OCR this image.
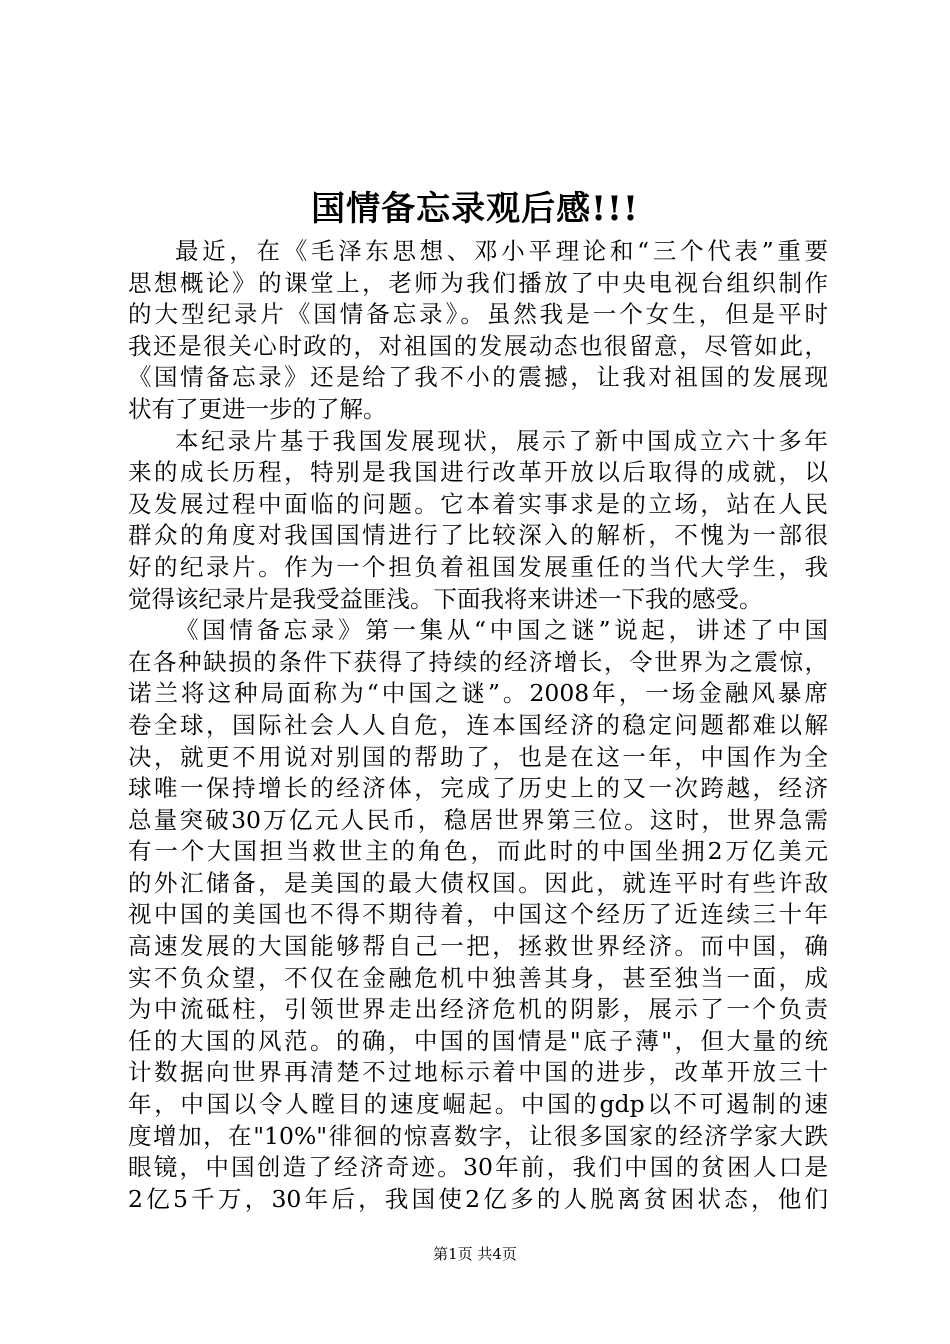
国情备忘录观后感!!!
最近，在《毛泽东思想、邓小平理论和“三个代表”重要
思想概论》的课堂上，老师为我们播放了中央电视台组织制作
的大型纪录片《国情备忘录》。虽然我是一个女生，但是平时
我还是很关心时政的，对祖国的发展动态也很留意，尽管如此，
《国情备忘录》还是给了我不小的震撼，让我对祖国的发展现
状有了更进一步的了解。
本纪录片基于我国发展现状，展示了新中国成立六十多年
来的成长历程，特别是我国进行改革开放以后取得的成就，以
及发展过程中面临的问题。它本着实事求是的立场，站在人民
群众的角度对我国国情进行了比较深入的解析，不愧为一部很
好的纪录片。作为一个担负着祖国发展重任的当代大学生，我
觉得该纪录片是我受益匪浅。下面我将来讲述一下我的感受。
《国情备忘录》第一集从“中国之谜”说起，讲述了中国
在各种缺损的条件下获得了持续的经济增长，令世界为之震惊，
诺兰将这种局面称为“中国之谜”。2008年，一场金融风暴席
卷全球，国际社会人人自危，连本国经济的稳定问题都难以解
决，就更不用说对别国的帮助了，也是在这一年，中国作为全
球唯一保持增长的经济体，完成了历史上的又一次跨越，经济
总量突破30万亿元人民币，稳居世界第三位。这时，世界急需
有一个大国担当救世主的角色，而此时的中国坐拥2万亿美元
的外汇储备，是美国的最大债权国。因此，就连平时有些许敌
视中国的美国也不得不期待着，中国这个经历了近连续三十年
高速发展的大国能够帮自己一把，拯救世界经济。而中国，确
实不负众望，不仅在金融危机中独善其身，甚至独当一面，成
为中流砥柱，引领世界走出经济危机的阴影，展示了一个负责
任的大国的风范。的确，中国的国情是"底子薄"，但大量的统
计数据向世界再清楚不过地标示着中国的进步，改革开放三十
年，中国以令人瞠目的速度崛起。中国的gdp以不可遏制的速
度增加，在"10%"徘徊的惊喜数字，让很多国家的经济学家大跌
眼镜，中国创造了经济奇迹。30年前，我们中国的贫困人口是
2亿5千万，30年后，我国使2亿多的人脱离贫困状态，他们
第1页 共4页
